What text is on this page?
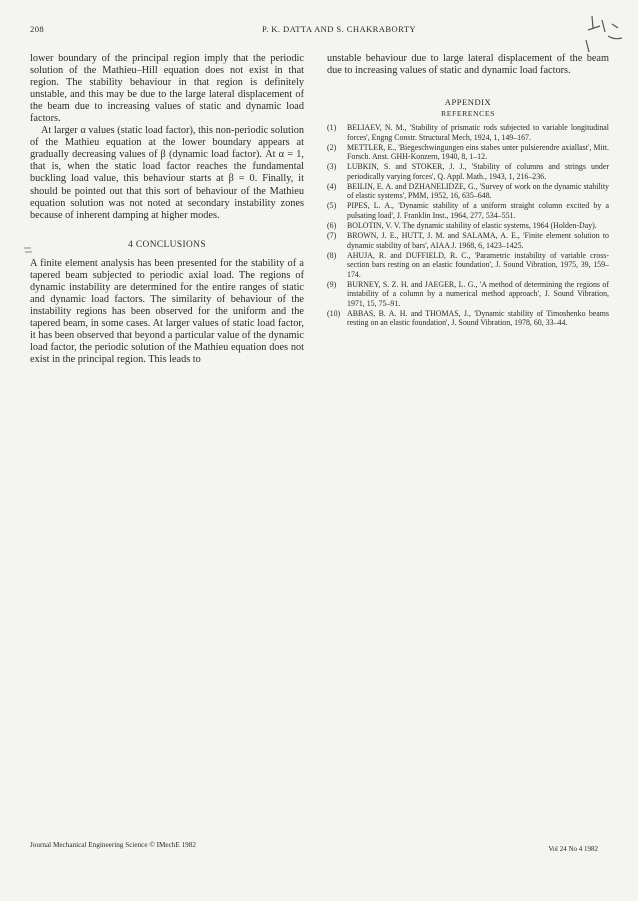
208	P. K. DATTA AND S. CHAKRABORTY

lower boundary of the principal region imply that the periodic solution of the Mathieu–Hill equation does not exist in that region. The stability behaviour in that region is definitely unstable, and this may be due to the large lateral displacement of the beam due to increasing values of static and dynamic load factors.

At larger α values (static load factor), this non-periodic solution of the Mathieu equation at the lower boundary appears at gradually decreasing values of β (dynamic load factor). At α = 1, that is, when the static load factor reaches the fundamental buckling load value, this behaviour starts at β = 0. Finally, it should be pointed out that this sort of behaviour of the Mathieu equation solution was not noted at secondary instability zones because of inherent damping at higher modes.

4 CONCLUSIONS

A finite element analysis has been presented for the stability of a tapered beam subjected to periodic axial load. The regions of dynamic instability are determined for the entire ranges of static and dynamic load factors. The similarity of behaviour of the instability regions has been observed for the uniform and the tapered beam, in some cases. At larger values of static load factor, it has been observed that beyond a particular value of the dynamic load factor, the periodic solution of the Mathieu equation does not exist in the principal region. This leads to

unstable behaviour due to large lateral displacement of the beam due to increasing values of static and dynamic load factors.

APPENDIX
REFERENCES
(1) BELIAEV, N. M., 'Stability of prismatic rods subjected to variable longitudinal forces', Engng Constr. Structural Mech, 1924, 1, 149–167.
(2) METTLER, E., 'Biegeschwingungen eins stabes unter pulsierendre axiallast', Mitt. Forsch. Anst. GHH-Konzern, 1940, 8, 1–12.
(3) LUBKIN, S. and STOKER, J. J., 'Stability of columns and strings under periodically varying forces', Q. Appl. Math., 1943, 1, 216–236.
(4) BEILIN, E. A. and DZHANELIDZE, G., 'Survey of work on the dynamic stability of elastic systems', PMM, 1952, 16, 635–648.
(5) PIPES, L. A., 'Dynamic stability of a uniform straight column excited by a pulsating load', J. Franklin Inst., 1964, 277, 534–551.
(6) BOLOTIN, V. V. The dynamic stability of elastic systems, 1964 (Holden-Day).
(7) BROWN, J. E., HUTT, J. M. and SALAMA, A. E., 'Finite element solution to dynamic stability of bars', AIAA J. 1968, 6, 1423–1425.
(8) AHUJA, R. and DUFFIELD, R. C., 'Parametric instability of variable cross-section bars resting on an elastic foundation', J. Sound Vibration, 1975, 39, 159–174.
(9) BURNEY, S. Z. H. and JAEGER, L. G., 'A method of determining the regions of instability of a column by a numerical method approach', J. Sound Vibration, 1971, 15, 75–91.
(10) ABBAS, B. A. H. and THOMAS, J., 'Dynamic stability of Timoshenko beams resting on an elastic foundation', J. Sound Vibration, 1978, 60, 33–44.
Journal Mechanical Engineering Science © IMechE 1982	Vol 24 No 4 1982
